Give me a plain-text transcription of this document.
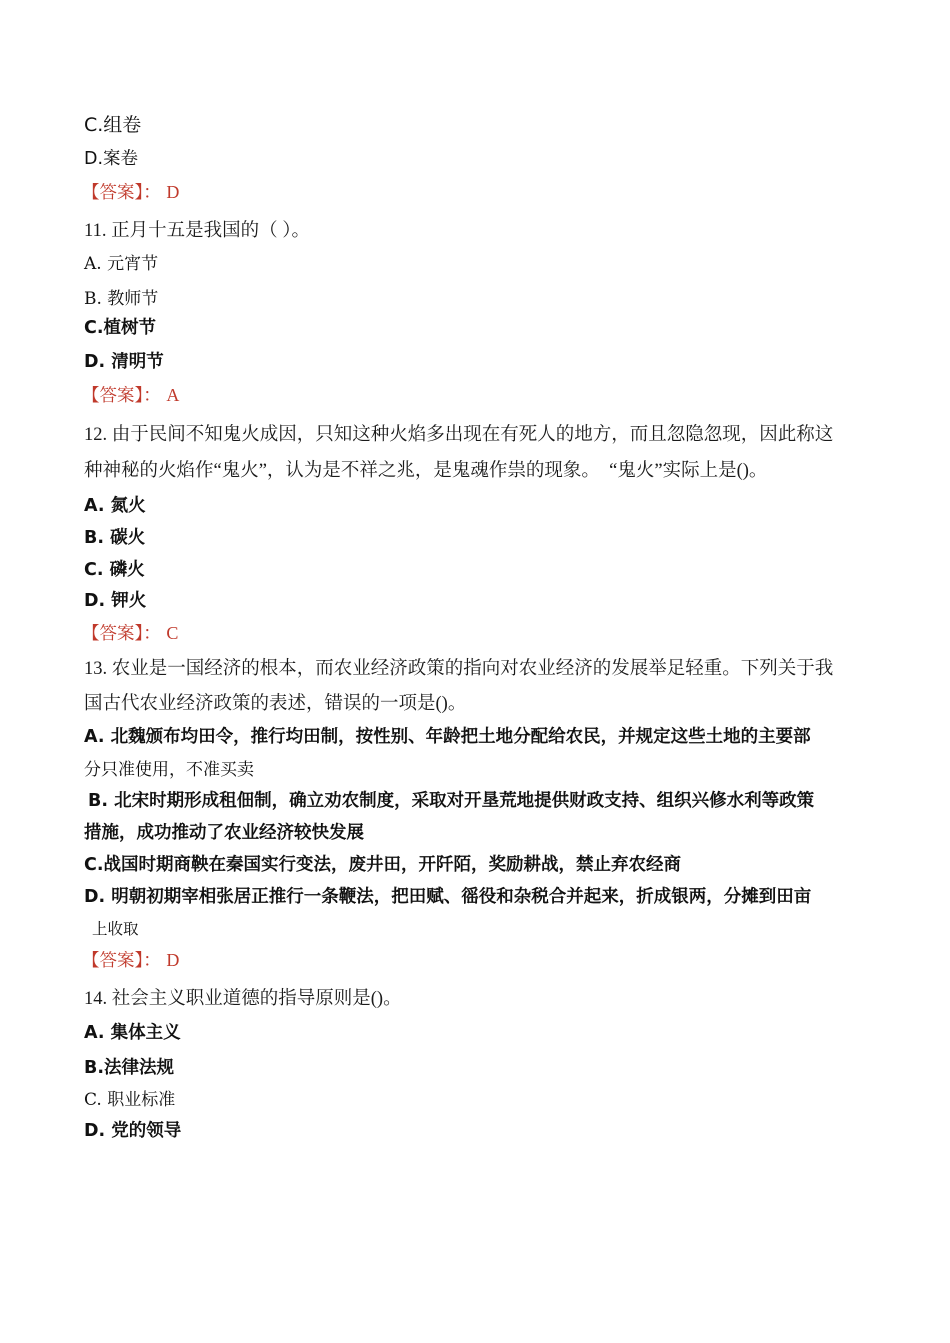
C.组卷
D.案卷
【答案】： D
11. 正月十五是我国的（ ）。
A. 元宵节
B. 教师节
C.植树节
D. 清明节
【答案】： A
12. 由于民间不知鬼火成因，只知这种火焰多出现在有死人的地方，而且忽隐忽现，因此称这
种神秘的火焰作“鬼火”，认为是不祥之兆，是鬼魂作祟的现象。　“鬼火”实际上是()。
A. 氮火
B. 碳火
C. 磷火
D. 钾火
【答案】： C
13. 农业是一国经济的根本，而农业经济政策的指向对农业经济的发展举足轻重。下列关于我
国古代农业经济政策的表述，错误的一项是()。
A. 北魏颁布均田令，推行均田制，按性别、年龄把土地分配给农民，并规定这些土地的主要部
分只准使用，不准买卖
B. 北宋时期形成租佃制，确立劝农制度，采取对开垦荒地提供财政支持、组织兴修水利等政策
措施，成功推动了农业经济较快发展
C.战国时期商鞅在秦国实行变法，废井田，开阡陌，奖励耕战，禁止弃农经商
D. 明朝初期宰相张居正推行一条鞭法，把田赋、徭役和杂税合并起来，折成银两，分摊到田亩
上收取
【答案】： D
14. 社会主义职业道德的指导原则是()。
A. 集体主义
B.法律法规
C. 职业标准
D. 党的领导
